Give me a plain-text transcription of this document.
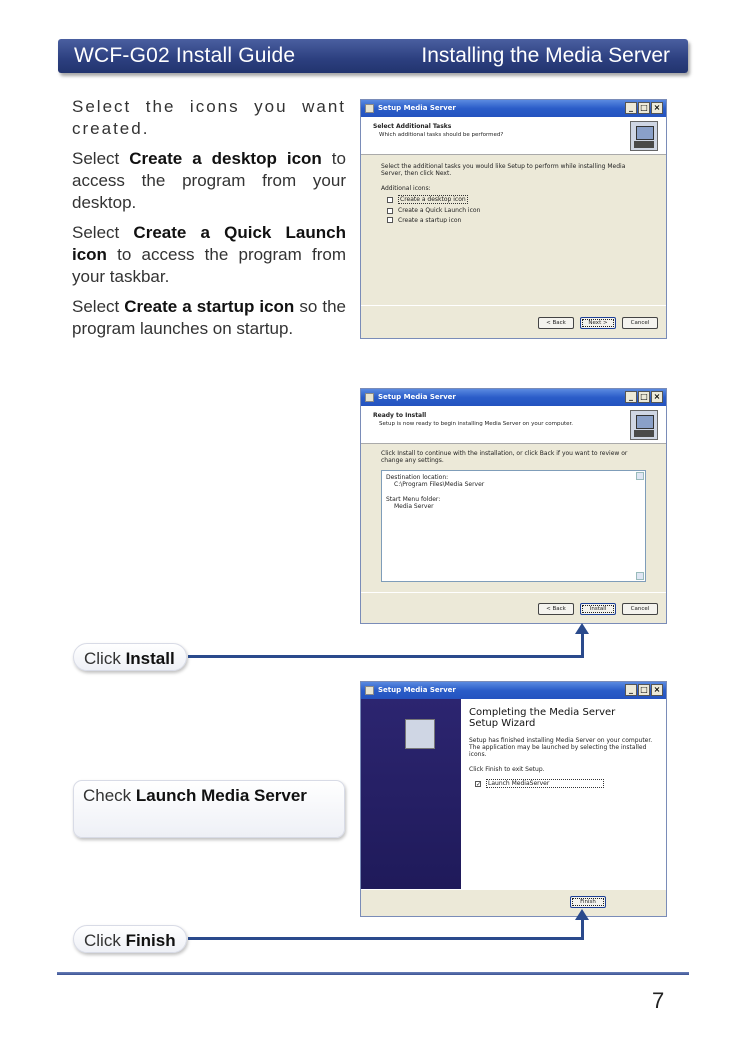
WCF-G02 Install Guide	Installing the Media Server

Select the icons you want created.

Select Create a desktop icon to access the program from your desktop.

Select Create a Quick Launch icon to access the program from your taskbar.

Select Create a startup icon so the program launches on startup.

Setup Media Server	_ □ ×
Select Additional Tasks
Which additional tasks should be performed?
Select the additional tasks you would like Setup to perform while installing Media Server, then click Next.
Additional icons:
Create a desktop icon
Create a Quick Launch icon
Create a startup icon
< Back	Next >	Cancel
Setup Media Server	_ □ ×
Ready to Install
Setup is now ready to begin installing Media Server on your computer.
Click Install to continue with the installation, or click Back if you want to review or change any settings.
Destination location:
C:\Program Files\Media Server
Start Menu folder:
Media Server
< Back	Install	Cancel
Setup Media Server	_ □ ×
Completing the Media Server Setup Wizard
Setup has finished installing Media Server on your computer. The application may be launched by selecting the installed icons.
Click Finish to exit Setup.
✓	Launch MediaServer
Finish
Click Install
Check Launch Media Server
Click Finish
7
